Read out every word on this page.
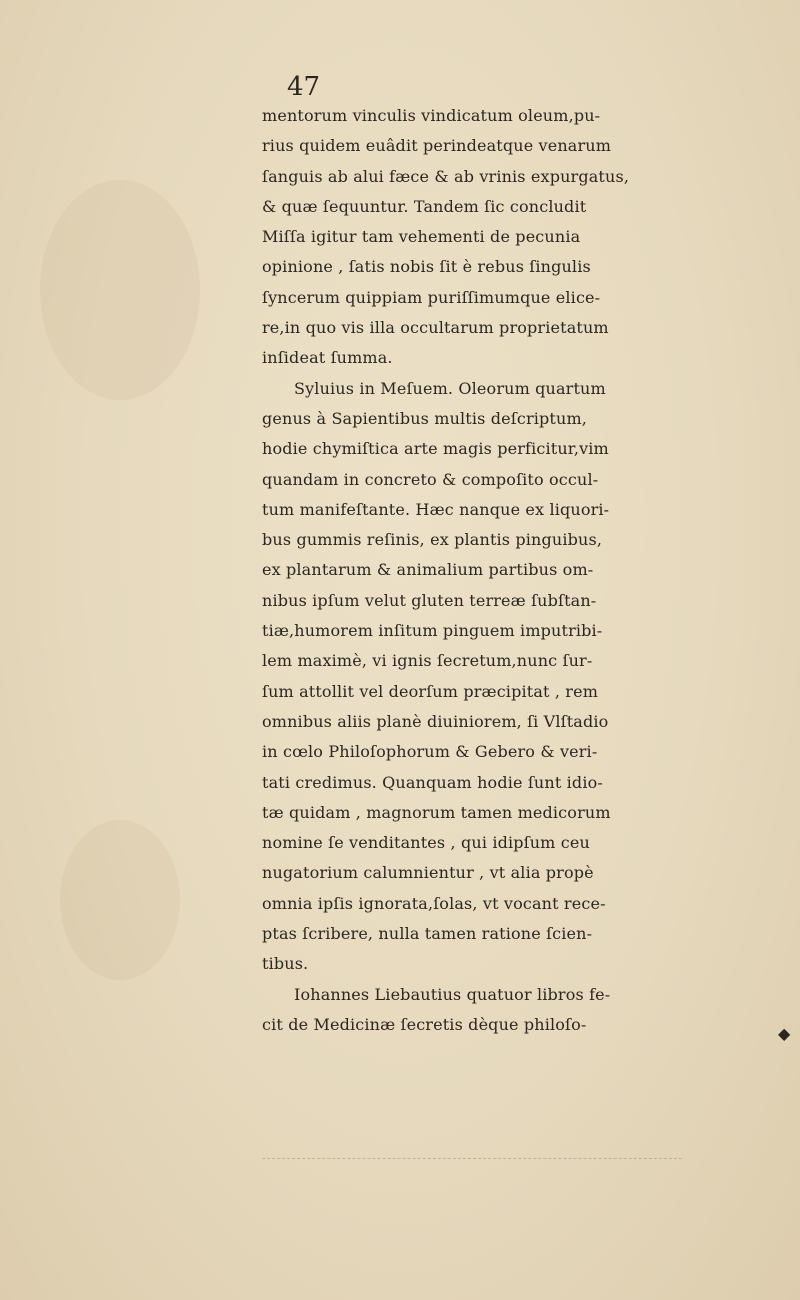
47
mentorum vinculis vindicatum oleum,pu-
rius quidem euâdit perindeatque venarum
ſanguis ab alui fæce & ab vrinis expurgatus,
& quæ ſequuntur. Tandem ſic concludit
Miſſa igitur tam vehementi de pecunia
opinione , ſatis nobis ſit è rebus ſingulis
ſyncerum quippiam puriſſimumque elice-
re,in quo vis illa occultarum proprietatum
inſideat ſumma.
Syluius in Meſuem. Oleorum quartum
genus à Sapientibus multis deſcriptum,
hodie chymiſtica arte magis perficitur,vim
quandam in concreto & compoſito occul-
tum manifeſtante. Hæc nanque ex liquori-
bus gummis reſinis, ex plantis pinguibus,
ex plantarum & animalium partibus om-
nibus ipſum velut gluten terreæ ſubſtan-
tiæ,humorem inſitum pinguem imputribi-
lem maximè, vi ignis ſecretum,nunc ſur-
ſum attollit vel deorſum præcipitat , rem
omnibus aliis planè diuiniorem, ſi Vlſtadio
in cœlo Philoſophorum & Gebero & veri-
tati credimus. Quanquam hodie ſunt idio-
tæ quidam , magnorum tamen medicorum
nomine ſe venditantes , qui idipſum ceu
nugatorium calumnientur , vt alia propè
omnia ipſis ignorata,ſolas, vt vocant rece-
ptas ſcribere, nulla tamen ratione ſcien-
tibus.
Iohannes Liebautius quatuor libros fe-
cit de Medicinæ ſecretis dèque philoſo-	◆
